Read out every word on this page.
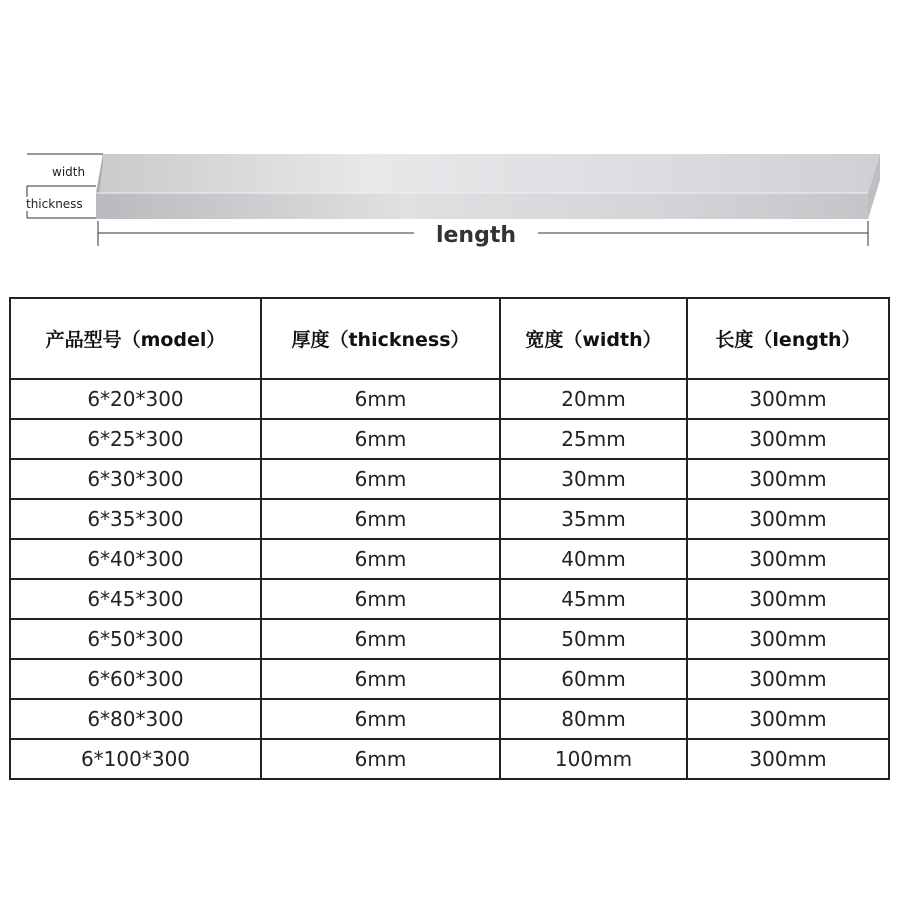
width
thickness
length
产品型号（model）	厚度（thickness）	宽度（width）	长度（length）
6*20*300	6mm	20mm	300mm
6*25*300	6mm	25mm	300mm
6*30*300	6mm	30mm	300mm
6*35*300	6mm	35mm	300mm
6*40*300	6mm	40mm	300mm
6*45*300	6mm	45mm	300mm
6*50*300	6mm	50mm	300mm
6*60*300	6mm	60mm	300mm
6*80*300	6mm	80mm	300mm
6*100*300	6mm	100mm	300mm
